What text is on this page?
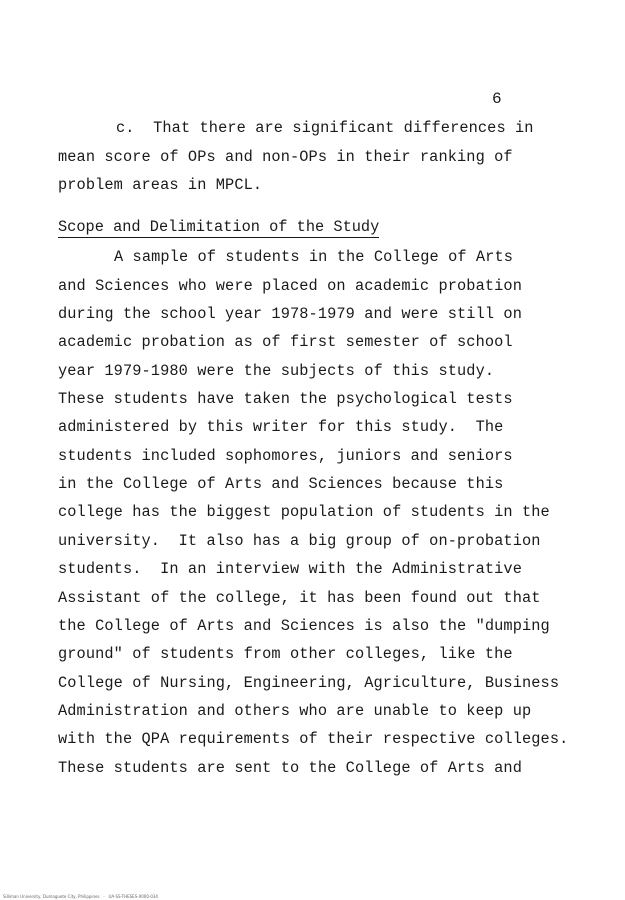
6
c.  That there are significant differences in
mean score of OPs and non-OPs in their ranking of
problem areas in MPCL.
Scope and Delimitation of the Study
A sample of students in the College of Arts
and Sciences who were placed on academic probation
during the school year 1978-1979 and were still on
academic probation as of first semester of school
year 1979-1980 were the subjects of this study.
These students have taken the psychological tests
administered by this writer for this study.  The
students included sophomores, juniors and seniors
in the College of Arts and Sciences because this
college has the biggest population of students in the
university.  It also has a big group of on-probation
students.  In an interview with the Administrative
Assistant of the college, it has been found out that
the College of Arts and Sciences is also the "dumping
ground" of students from other colleges, like the
College of Nursing, Engineering, Agriculture, Business
Administration and others who are unable to keep up
with the QPA requirements of their respective colleges.
These students are sent to the College of Arts and
Silliman University, Dumaguete City, Philippines   ·   UA-SS-THESES-0000-034
